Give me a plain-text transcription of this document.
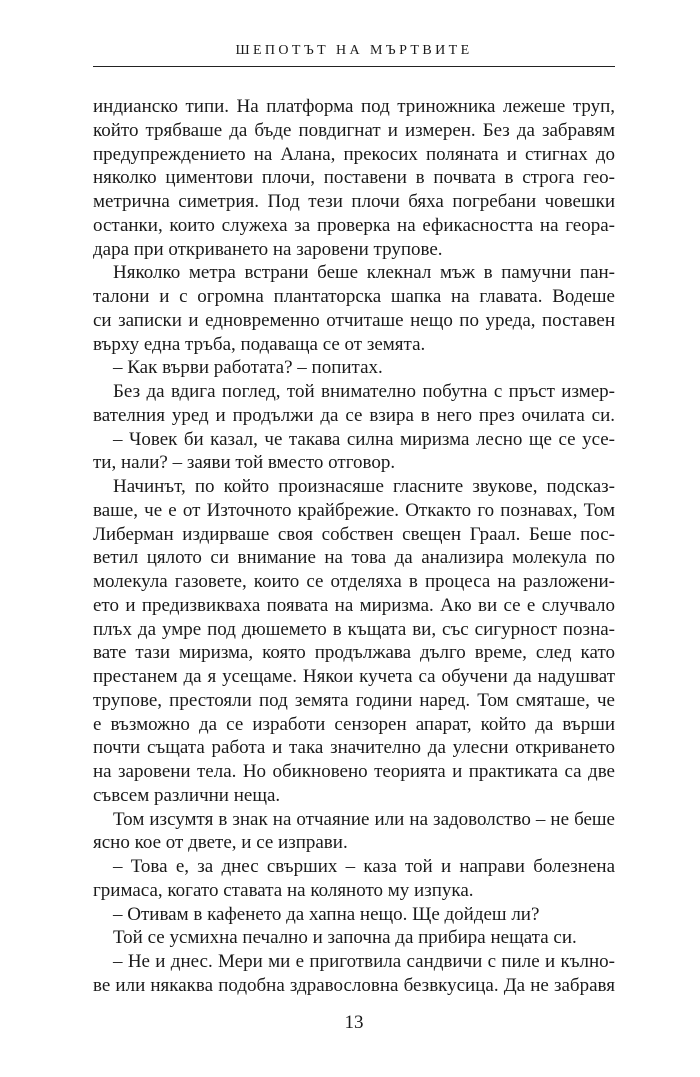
ШЕПОТЪТ НА МЪРТВИТЕ
индианско типи. На платформа под триножника лежеше труп,
който трябваше да бъде повдигнат и измерен. Без да забравям
предупреждението на Алана, прекосих поляната и стигнах до
няколко циментови плочи, поставени в почвата в строга гео-
метрична симетрия. Под тези плочи бяха погребани човешки
останки, които служеха за проверка на ефикасността на геора-
дара при откриването на заровени трупове.
Няколко метра встрани беше клекнал мъж в памучни пан-
талони и с огромна плантаторска шапка на главата. Водеше
си записки и едновременно отчиташе нещо по уреда, поставен
върху една тръба, подаваща се от земята.
– Как върви работата? – попитах.
Без да вдига поглед, той внимателно побутна с пръст измер-
вателния уред и продължи да се взира в него през очилата си.
– Човек би казал, че такава силна миризма лесно ще се усе-
ти, нали? – заяви той вместо отговор.
Начинът, по който произнасяше гласните звукове, подсказ-
ваше, че е от Източното крайбрежие. Откакто го познавах, Том
Либерман издирваше своя собствен свещен Граал. Беше пос-
ветил цялото си внимание на това да анализира молекула по
молекула газовете, които се отделяха в процеса на разложени-
ето и предизвикваха появата на миризма. Ако ви се е случвало
плъх да умре под дюшемето в къщата ви, със сигурност позна-
вате тази миризма, която продължава дълго време, след като
престанем да я усещаме. Някои кучета са обучени да надушват
трупове, престояли под земята години наред. Том смяташе, че
е възможно да се изработи сензорен апарат, който да върши
почти същата работа и така значително да улесни откриването
на заровени тела. Но обикновено теорията и практиката са две
съвсем различни неща.
Том изсумтя в знак на отчаяние или на задоволство – не беше
ясно кое от двете, и се изправи.
– Това е, за днес свърших – каза той и направи болезнена
гримаса, когато ставата на коляното му изпука.
– Отивам в кафенето да хапна нещо. Ще дойдеш ли?
Той се усмихна печално и започна да прибира нещата си.
– Не и днес. Мери ми е приготвила сандвичи с пиле и кълно-
ве или някаква подобна здравословна безвкусица. Да не забравя
13
